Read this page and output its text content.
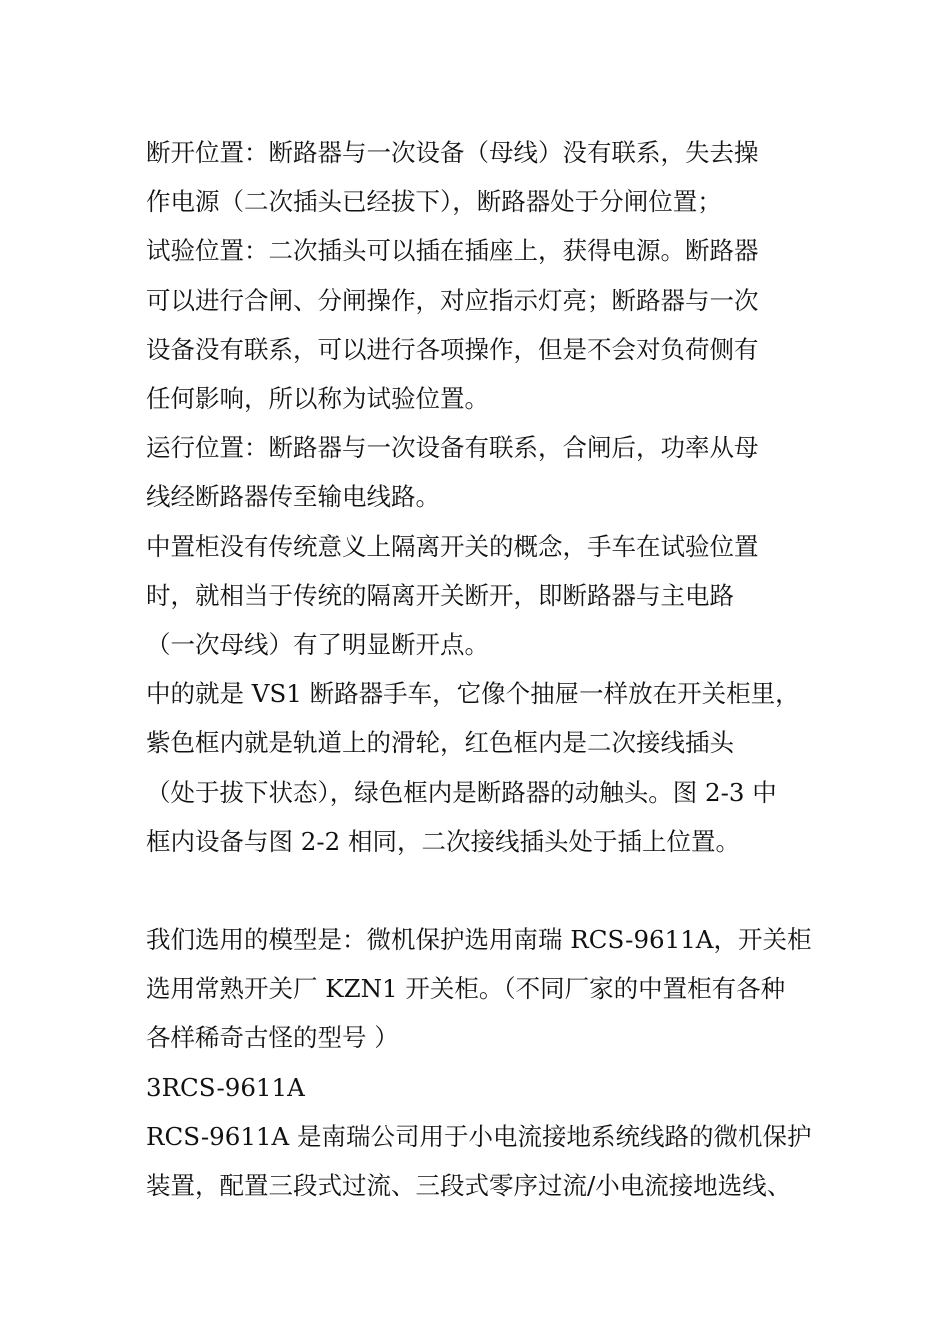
断开位置：断路器与一次设备（母线）没有联系，失去操
作电源（二次插头已经拔下），断路器处于分闸位置；

试验位置：二次插头可以插在插座上，获得电源。断路器
可以进行合闸、分闸操作，对应指示灯亮；断路器与一次
设备没有联系，可以进行各项操作，但是不会对负荷侧有
任何影响，所以称为试验位置。

运行位置：断路器与一次设备有联系，合闸后，功率从母
线经断路器传至输电线路。

中置柜没有传统意义上隔离开关的概念，手车在试验位置
时，就相当于传统的隔离开关断开，即断路器与主电路
（一次母线）有了明显断开点。

中的就是 VS1 断路器手车，它像个抽屉一样放在开关柜里，
紫色框内就是轨道上的滑轮，红色框内是二次接线插头
（处于拔下状态），绿色框内是断路器的动触头。图 2-3 中
框内设备与图 2-2 相同，二次接线插头处于插上位置。

我们选用的模型是：微机保护选用南瑞 RCS-9611A，开关柜
选用常熟开关厂 KZN1 开关柜。（不同厂家的中置柜有各种
各样稀奇古怪的型号 ）

3RCS-9611A

RCS-9611A 是南瑞公司用于小电流接地系统线路的微机保护
装置，配置三段式过流、三段式零序过流/小电流接地选线、
